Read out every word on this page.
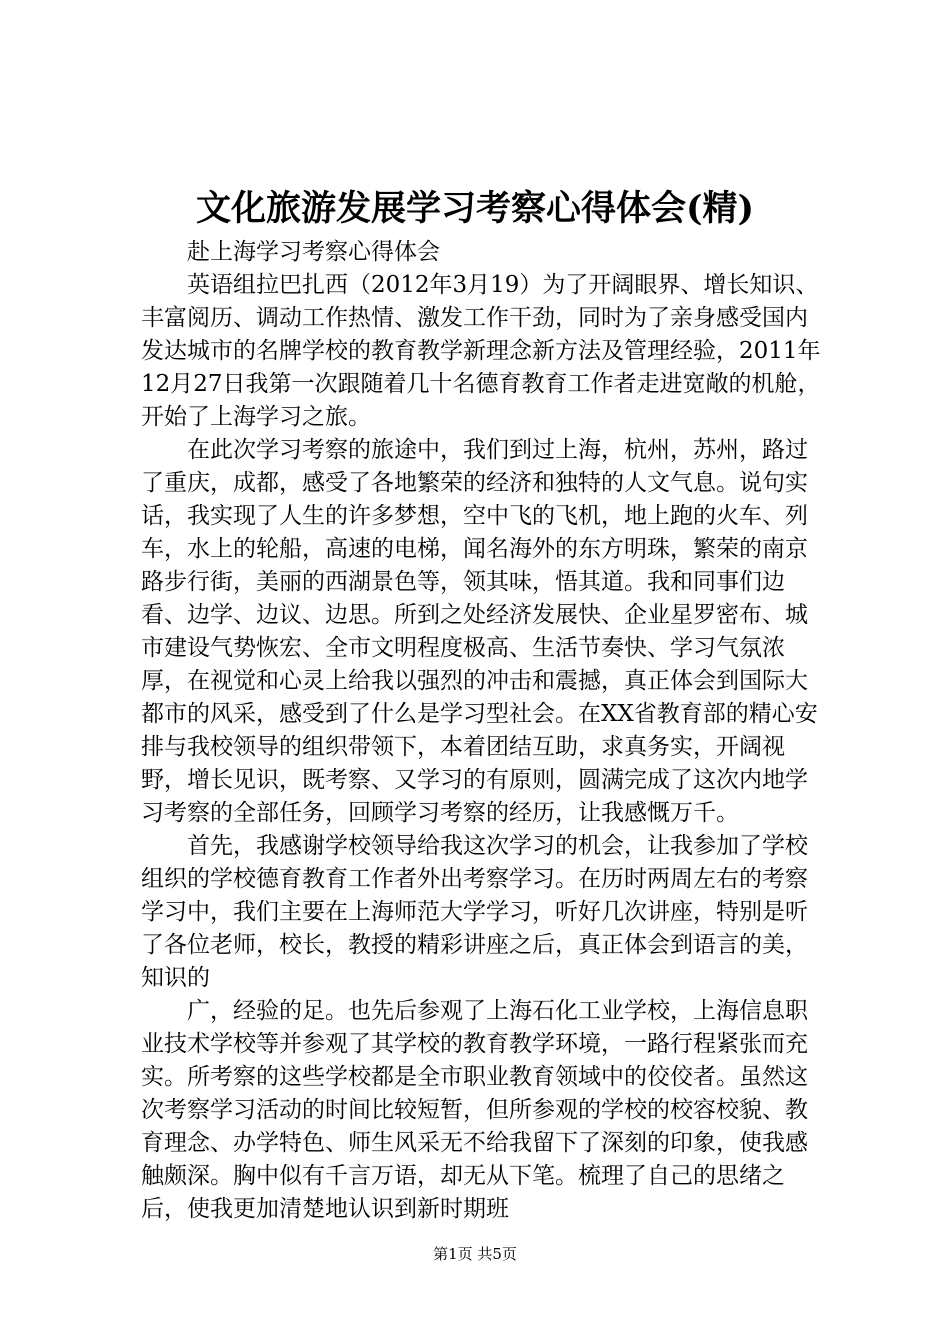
文化旅游发展学习考察心得体会(精)

赴上海学习考察心得体会

英语组拉巴扎西（2012年3月19）为了开阔眼界、增长知识、丰富阅历、调动工作热情、激发工作干劲，同时为了亲身感受国内发达城市的名牌学校的教育教学新理念新方法及管理经验，2011年12月27日我第一次跟随着几十名德育教育工作者走进宽敞的机舱，开始了上海学习之旅。

在此次学习考察的旅途中，我们到过上海，杭州，苏州，路过了重庆，成都，感受了各地繁荣的经济和独特的人文气息。说句实话，我实现了人生的许多梦想，空中飞的飞机，地上跑的火车、列车，水上的轮船，高速的电梯，闻名海外的东方明珠，繁荣的南京路步行街，美丽的西湖景色等，领其味，悟其道。我和同事们边看、边学、边议、边思。所到之处经济发展快、企业星罗密布、城市建设气势恢宏、全市文明程度极高、生活节奏快、学习气氛浓厚，在视觉和心灵上给我以强烈的冲击和震撼，真正体会到国际大都市的风采，感受到了什么是学习型社会。在XX省教育部的精心安排与我校领导的组织带领下，本着团结互助，求真务实，开阔视野，增长见识，既考察、又学习的有原则，圆满完成了这次内地学习考察的全部任务，回顾学习考察的经历，让我感慨万千。

首先，我感谢学校领导给我这次学习的机会，让我参加了学校组织的学校德育教育工作者外出考察学习。在历时两周左右的考察学习中，我们主要在上海师范大学学习，听好几次讲座，特别是听了各位老师，校长，教授的精彩讲座之后，真正体会到语言的美，知识的

广，经验的足。也先后参观了上海石化工业学校，上海信息职业技术学校等并参观了其学校的教育教学环境，一路行程紧张而充实。所考察的这些学校都是全市职业教育领域中的佼佼者。虽然这次考察学习活动的时间比较短暂，但所参观的学校的校容校貌、教育理念、办学特色、师生风采无不给我留下了深刻的印象，使我感触颇深。胸中似有千言万语，却无从下笔。梳理了自己的思绪之后，使我更加清楚地认识到新时期班

第1页 共5页
